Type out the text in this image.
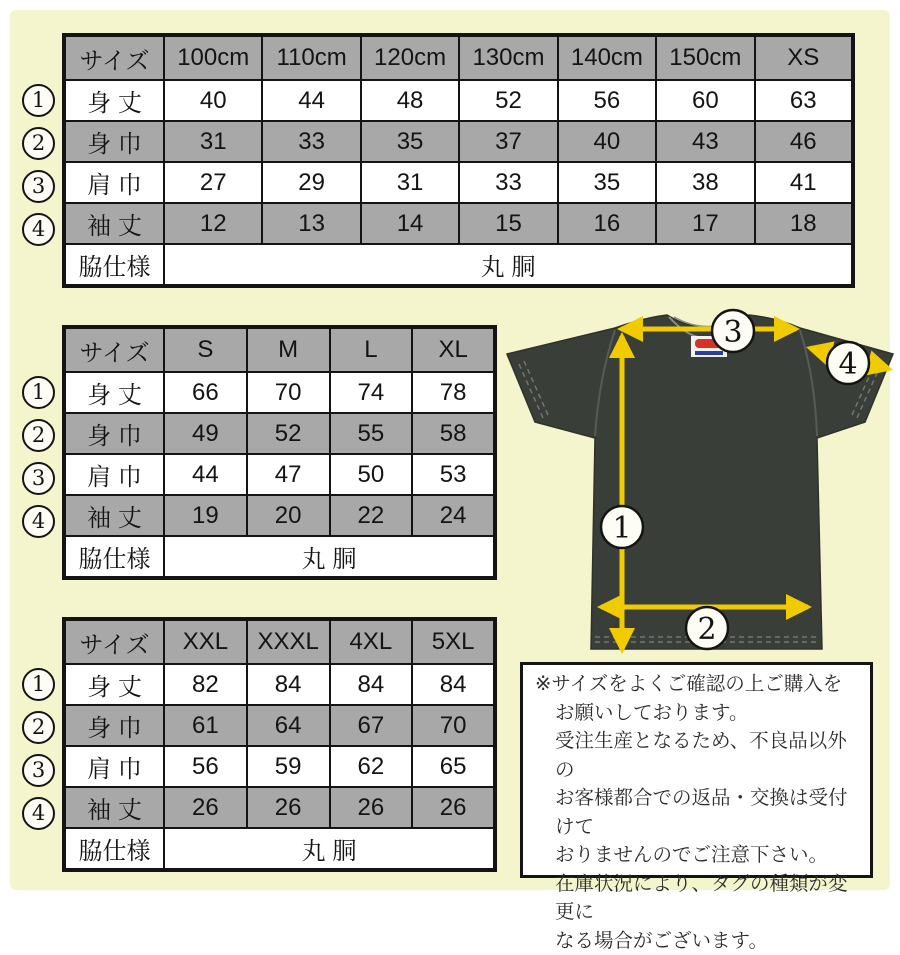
サイズ	100cm	110cm	120cm	130cm	140cm	150cm	XS
身 丈	40	44	48	52	56	60	63
身 巾	31	33	35	37	40	43	46
肩 巾	27	29	31	33	35	38	41
袖 丈	12	13	14	15	16	17	18
脇仕様	丸 胴						
1
2
3
4
サイズ	S	M	L	XL
身 丈	66	70	74	78
身 巾	49	52	55	58
肩 巾	44	47	50	53
袖 丈	19	20	22	24
脇仕様	丸 胴			
1
2
3
4
サイズ	XXL	XXXL	4XL	5XL
身 丈	82	84	84	84
身 巾	61	64	67	70
肩 巾	56	59	62	65
袖 丈	26	26	26	26
脇仕様	丸 胴			
1
2
3
4
1
2
3
4
※サイズをよくご確認の上ご購入を
お願いしております。
受注生産となるため、不良品以外の
お客様都合での返品・交換は受付けて
おりませんのでご注意下さい。
在庫状況により、タグの種類が変更に
なる場合がございます。
